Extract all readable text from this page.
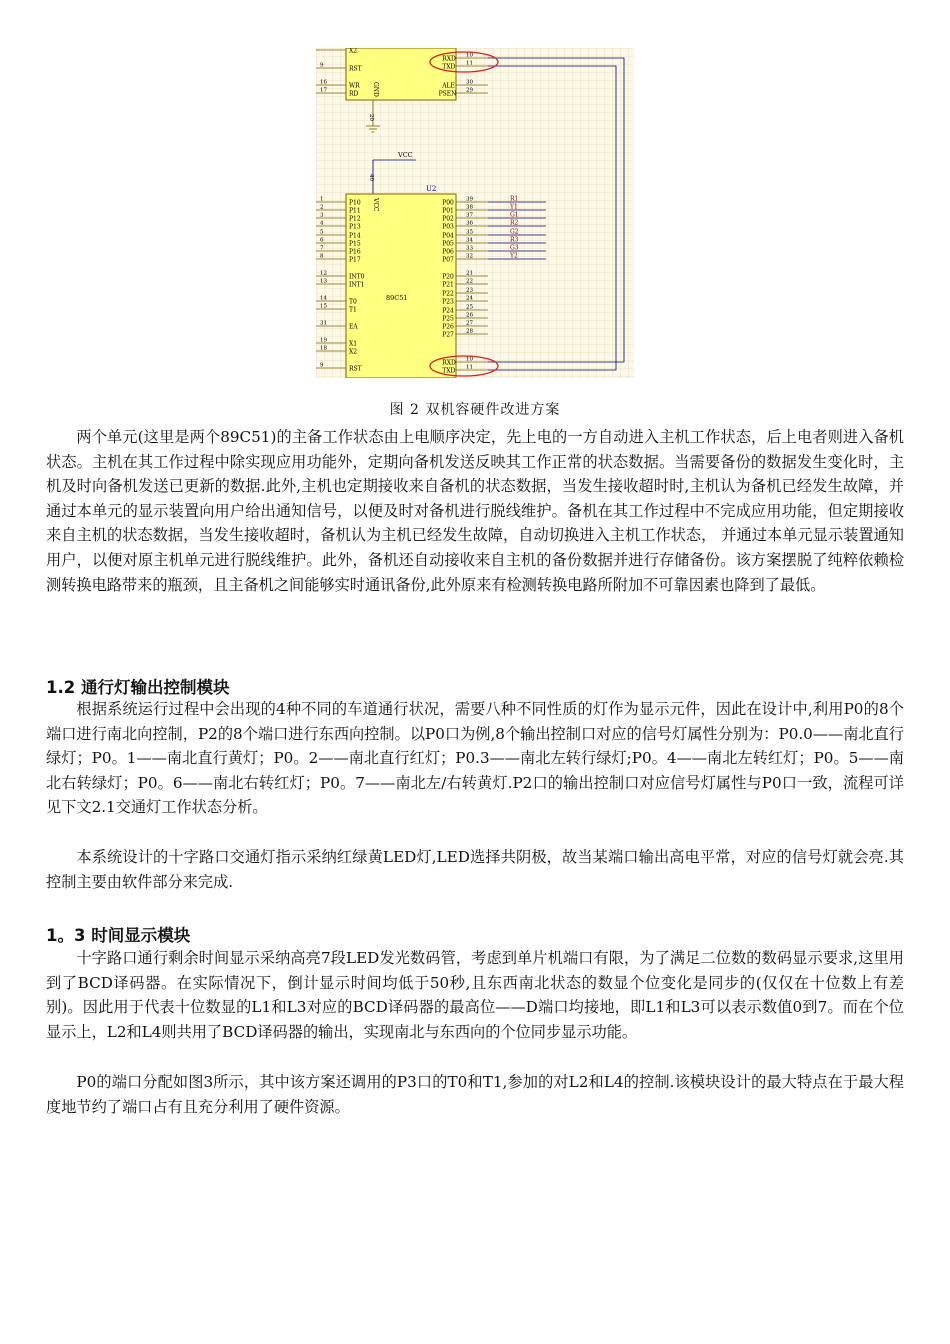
X2
9	RST
16	WR
17	RD
10
RXD
11
TXD
30
ALE
29
PSEN
GND
20
VCC
40
U2
89C51
VCC
1	P10
2	P11
3	P12
4	P13
5	P14
6	P15
7	P16
8	P17
12	INT0
13	INT1
14	T0
15	T1
31	EA
19	X1
18	X2
9	RST
39
P00
R1
38
P01
Y1
37
P02
G1
36
P03
R2
35
P04
G2
34
P05
R3
33
P06
G3
32
P07
Y2
21
P20
22
P21
23
P22
24
P23
25
P24
26
P25
27
P26
28
P27
10
RXD
11
TXD
图 2 双机容硬件改进方案

两个单元(这里是两个89C51)的主备工作状态由上电顺序决定，先上电的一方自动进入主机工作状态，后上电者则进入备机状态。主机在其工作过程中除实现应用功能外，定期向备机发送反映其工作正常的状态数据。当需要备份的数据发生变化时，主机及时向备机发送已更新的数据.此外,主机也定期接收来自备机的状态数据，当发生接收超时时,主机认为备机已经发生故障，并通过本单元的显示装置向用户给出通知信号，以便及时对备机进行脱线维护。备机在其工作过程中不完成应用功能，但定期接收来自主机的状态数据，当发生接收超时，备机认为主机已经发生故障，自动切换进入主机工作状态， 并通过本单元显示装置通知用户，以便对原主机单元进行脱线维护。此外，备机还自动接收来自主机的备份数据并进行存储备份。该方案摆脱了纯粹依赖检测转换电路带来的瓶颈，且主备机之间能够实时通讯备份,此外原来有检测转换电路所附加不可靠因素也降到了最低。

1.2 通行灯输出控制模块

根据系统运行过程中会出现的4种不同的车道通行状况，需要八种不同性质的灯作为显示元件，因此在设计中,利用P0的8个端口进行南北向控制，P2的8个端口进行东西向控制。以P0口为例,8个输出控制口对应的信号灯属性分别为：P0.0——南北直行绿灯；P0。1——南北直行黄灯；P0。2——南北直行红灯；P0.3——南北左转行绿灯;P0。4——南北左转红灯；P0。5——南北右转绿灯；P0。6——南北右转红灯；P0。7——南北左/右转黄灯.P2口的输出控制口对应信号灯属性与P0口一致，流程可详见下文2.1交通灯工作状态分析。

本系统设计的十字路口交通灯指示采纳红绿黄LED灯,LED选择共阴极，故当某端口输出高电平常，对应的信号灯就会亮.其控制主要由软件部分来完成.

1。3 时间显示模块

十字路口通行剩余时间显示采纳高亮7段LED发光数码管，考虑到单片机端口有限，为了满足二位数的数码显示要求,这里用到了BCD译码器。在实际情况下，倒计显示时间均低于50秒,且东西南北状态的数显个位变化是同步的(仅仅在十位数上有差别)。因此用于代表十位数显的L1和L3对应的BCD译码器的最高位——D端口均接地，即L1和L3可以表示数值0到7。而在个位显示上，L2和L4则共用了BCD译码器的输出，实现南北与东西向的个位同步显示功能。

P0的端口分配如图3所示，其中该方案还调用的P3口的T0和T1,参加的对L2和L4的控制.该模块设计的最大特点在于最大程度地节约了端口占有且充分利用了硬件资源。
